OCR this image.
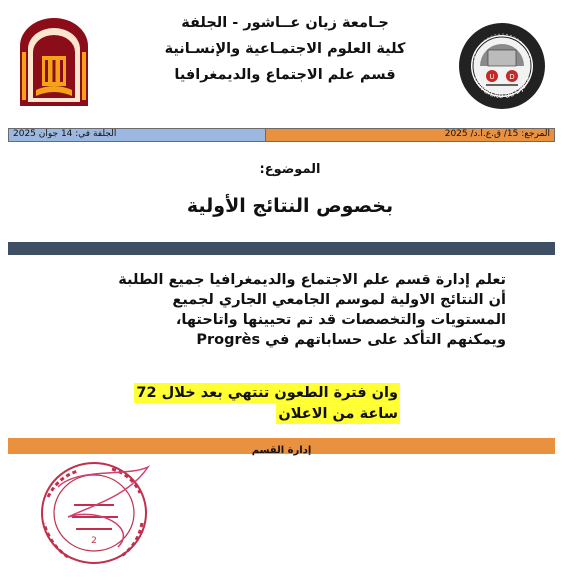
U D
Université de Djelfa
جـامعة زيان عــاشور - الجلفة
كلية العلوم الاجتمـاعية والإنسـانية
قسم علم الاجتماع والديمغرافيا
الجلفة في: 14 جوان 2025	المرجع: 15/ ق.ع.ا.د/ 2025
الموضوع:
بخصوص النتائج الأولية
تعلم إدارة قسم علم الاجتماع والديمغرافيا جميع الطلبة
أن النتائج الاولية لموسم الجامعي الجاري لجميع
المستويات والتخصصات قد تم تحيينها واتاحتها،
ويمكنهم التأكد على حساباتهم في Progrès
وان فترة الطعون تنتهي بعد خلال 72
ساعة من الاعلان
إدارة القسم
2
